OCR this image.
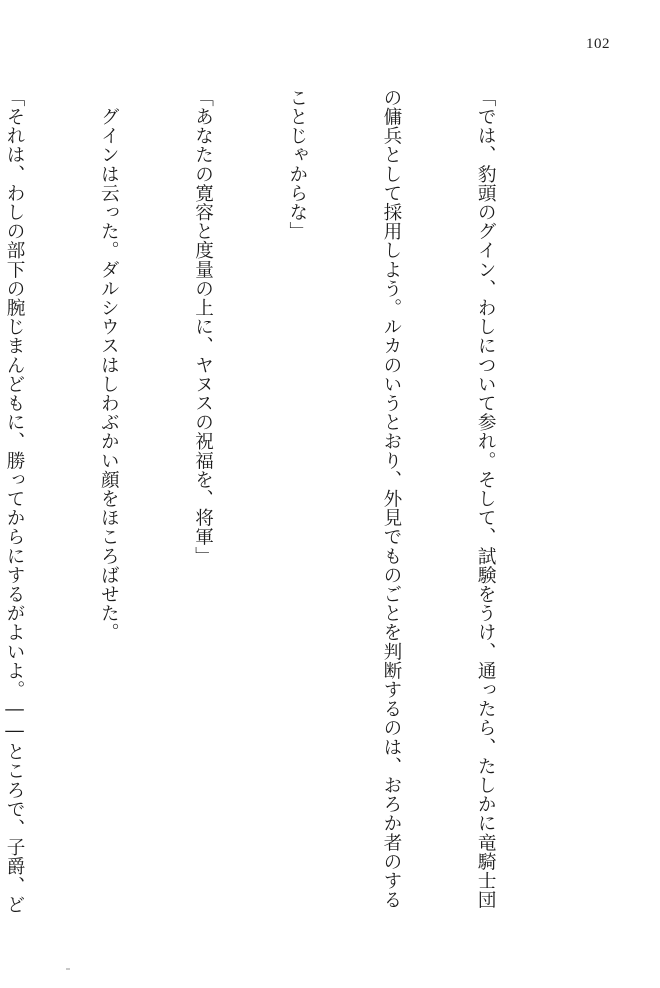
102

「では、豹頭のグイン、わしについて参れ。そして、試験をうけ、通ったら、たしかに竜騎士団

の傭兵として採用しよう。ルカのいうとおり、外見でものごとを判断するのは、おろか者のする

ことじゃからな」

「あなたの寛容と度量の上に、ヤヌスの祝福を、将軍」

　グインは云った。ダルシウスはしわぶかい顔をほころばせた。

「それは、わしの部下の腕じまんどもに、勝ってからにするがよいよ。――ところで、子爵、ど
